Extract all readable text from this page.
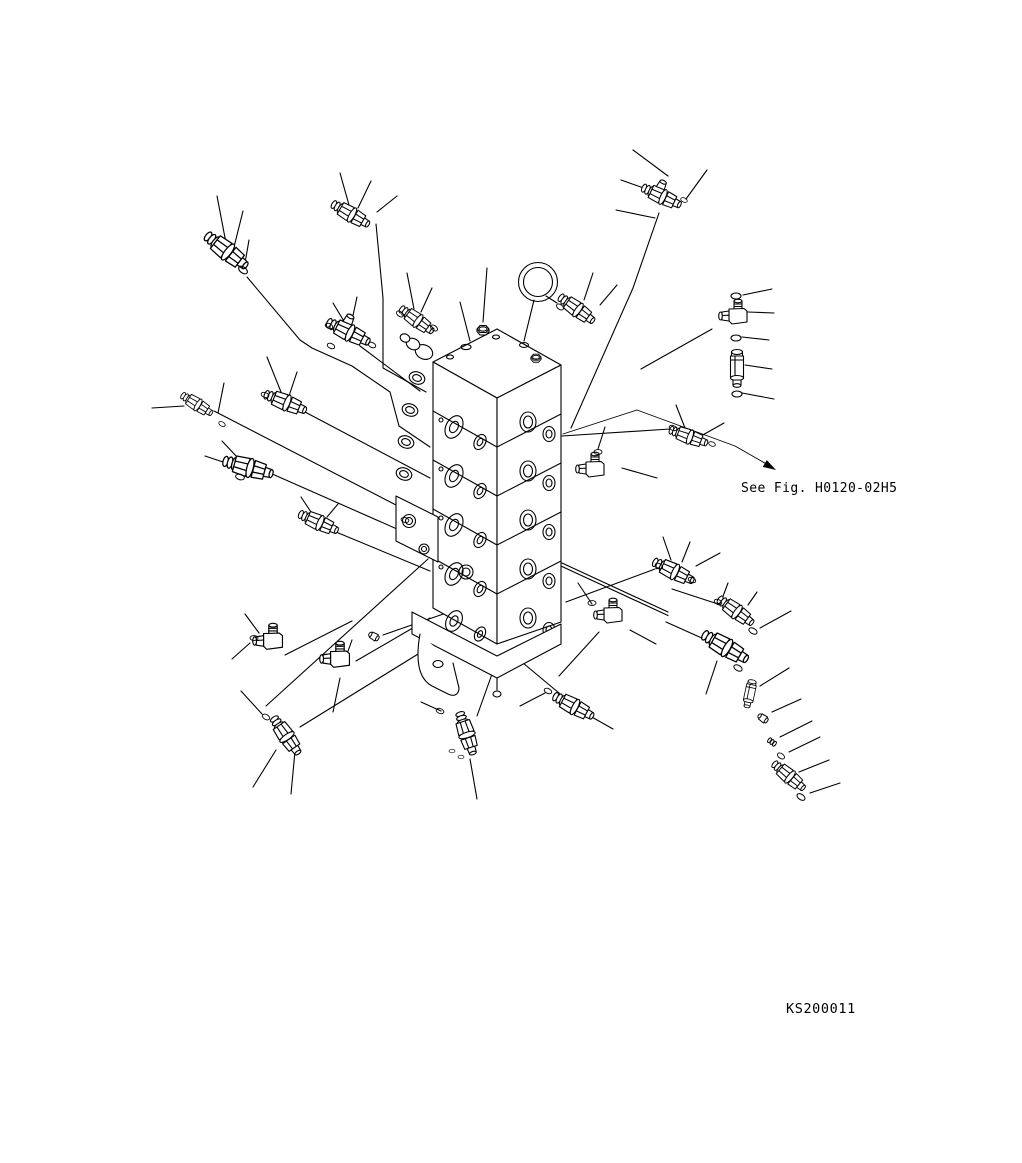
1
See Fig. H0120-02H5
KS200011
